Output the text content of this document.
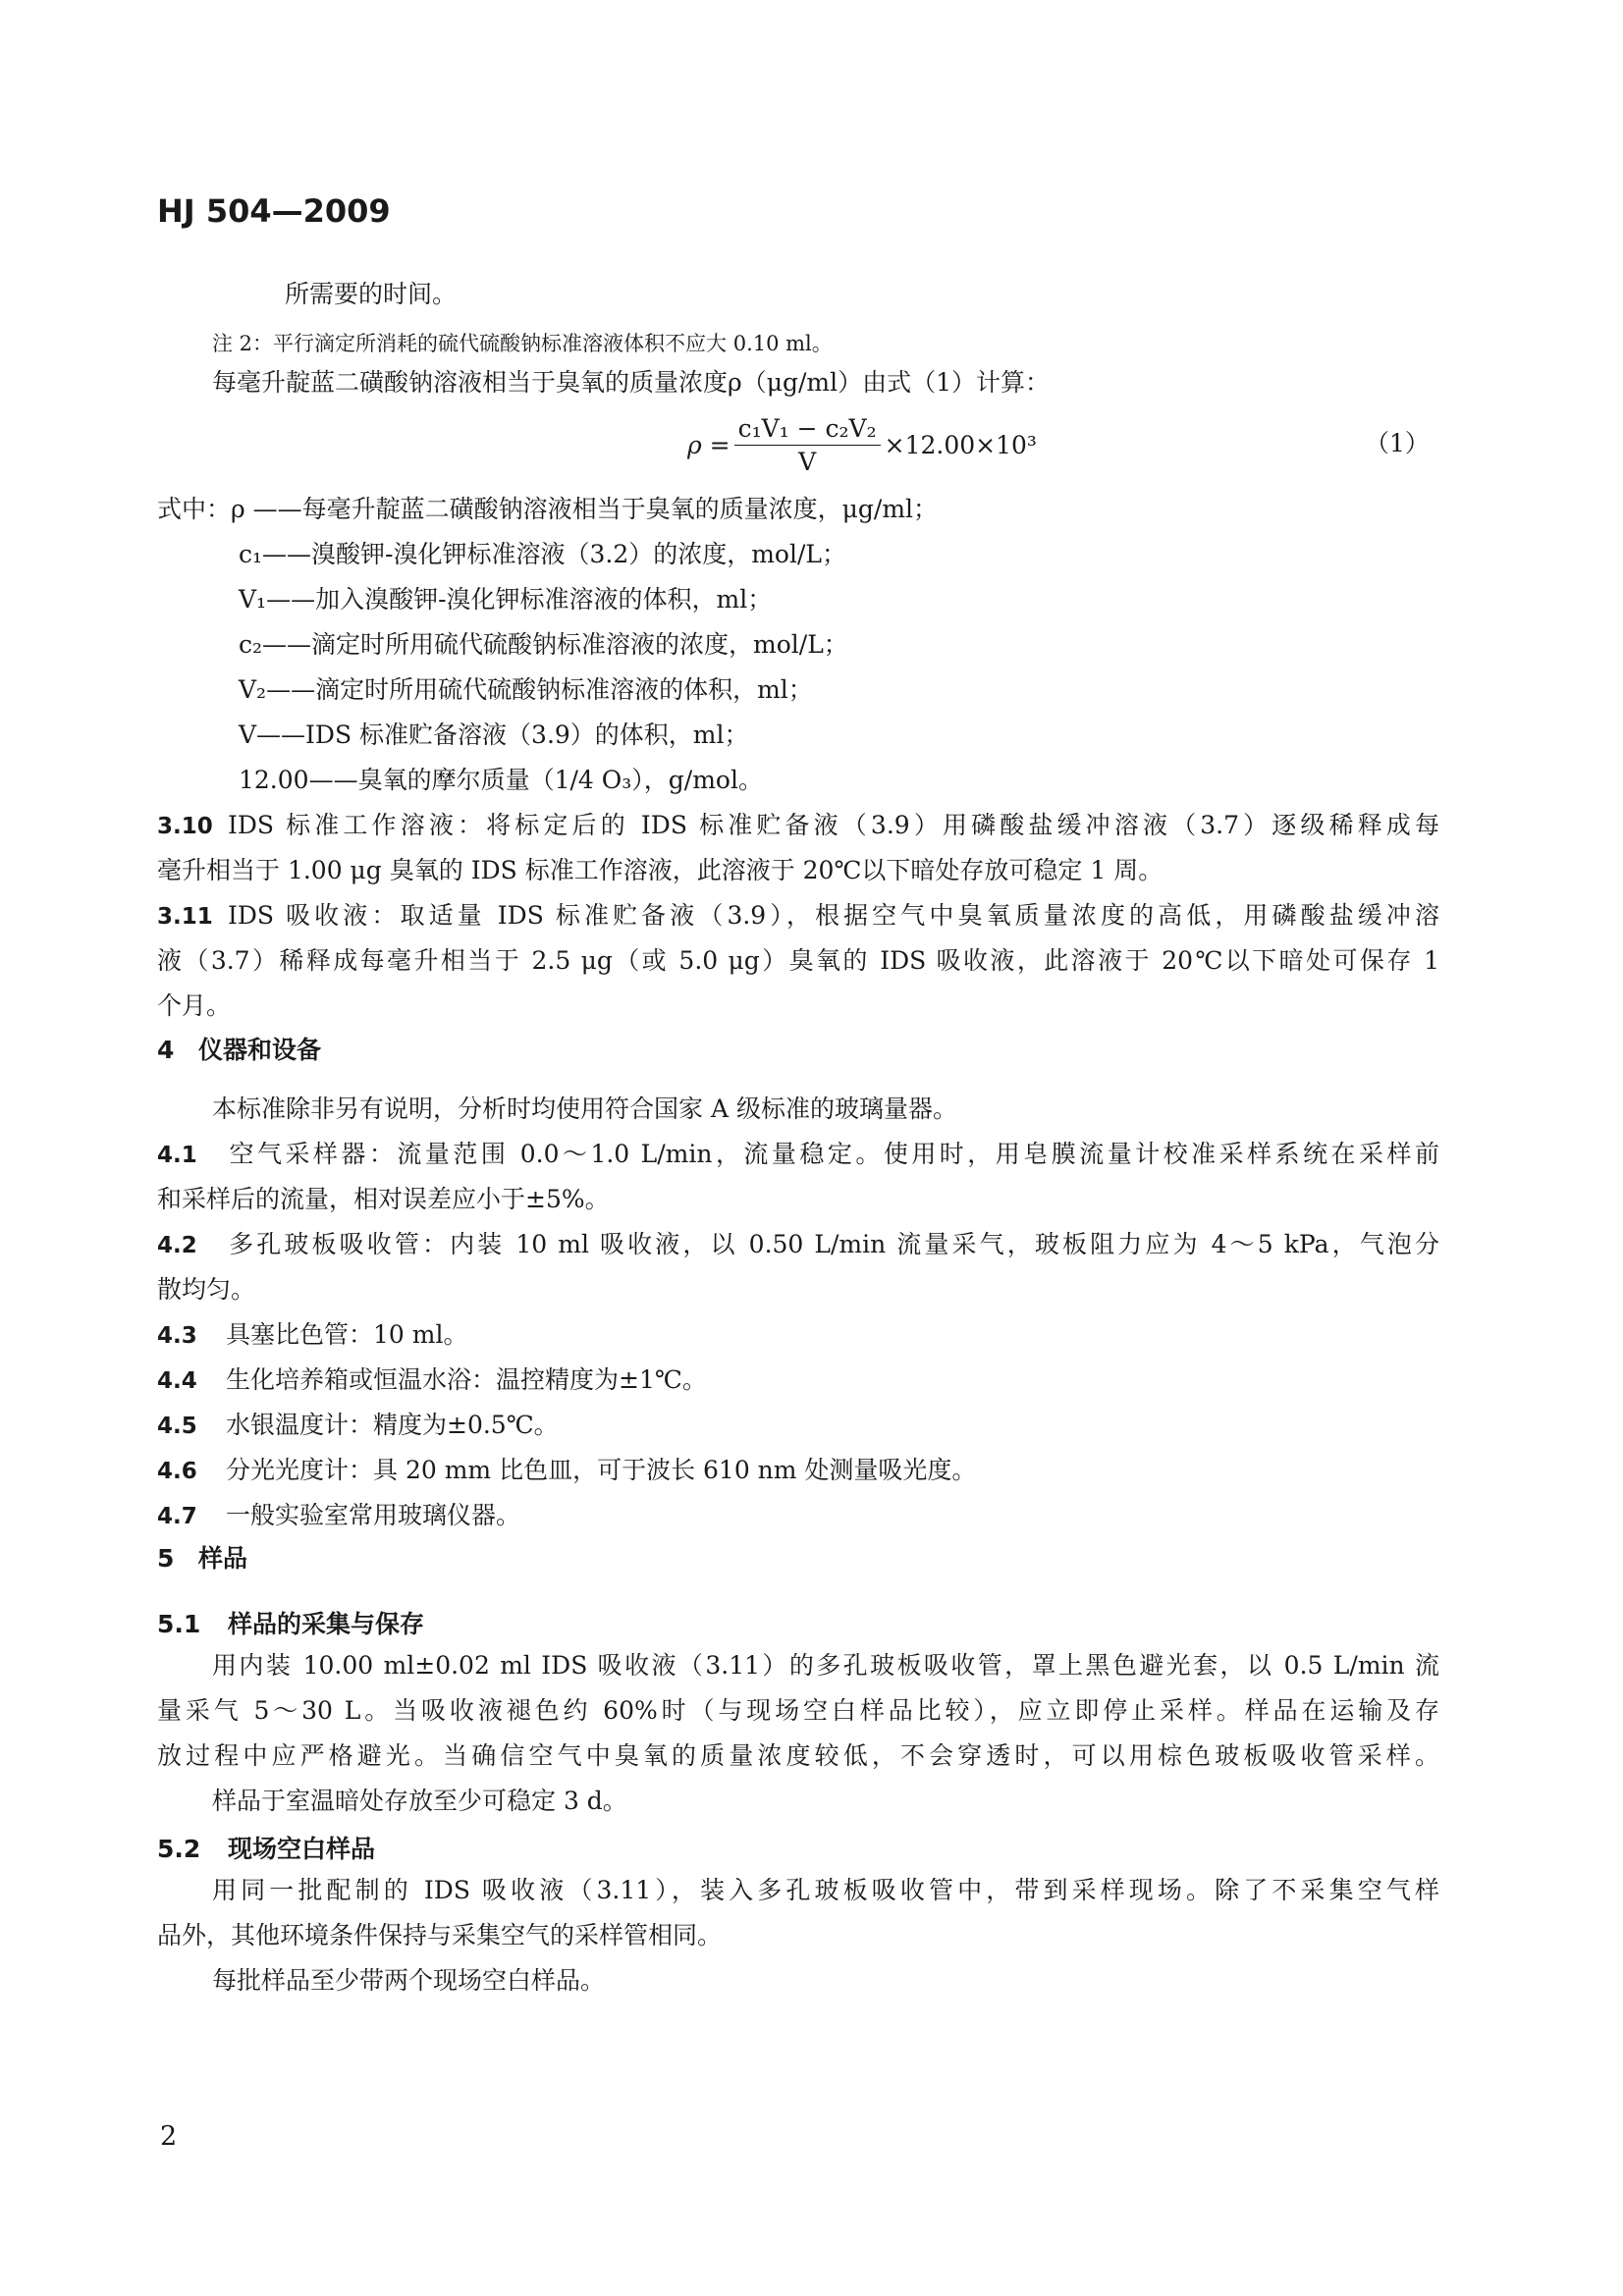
HJ 504—2009
所需要的时间。
注 2：平行滴定所消耗的硫代硫酸钠标准溶液体积不应大 0.10 ml。
每毫升靛蓝二磺酸钠溶液相当于臭氧的质量浓度ρ（μg/ml）由式（1）计算：
$\rho = \frac{\text{c₁V₁ − c₂V₂}}{V} \times 12.00\times 10^3$	（1）
式中：ρ ——每毫升靛蓝二磺酸钠溶液相当于臭氧的质量浓度，μg/ml；
c₁——溴酸钾-溴化钾标准溶液（3.2）的浓度，mol/L；
V₁——加入溴酸钾-溴化钾标准溶液的体积，ml；
c₂——滴定时所用硫代硫酸钠标准溶液的浓度，mol/L；
V₂——滴定时所用硫代硫酸钠标准溶液的体积，ml；
V——IDS 标准贮备溶液（3.9）的体积，ml；
12.00——臭氧的摩尔质量（1/4 O₃），g/mol。
3.10 IDS 标准工作溶液：将标定后的 IDS 标准贮备液（3.9）用磷酸盐缓冲溶液（3.7）逐级稀释成每
毫升相当于 1.00 μg 臭氧的 IDS 标准工作溶液，此溶液于 20℃以下暗处存放可稳定 1 周。
3.11 IDS 吸收液：取适量 IDS 标准贮备液（3.9），根据空气中臭氧质量浓度的高低，用磷酸盐缓冲溶
液（3.7）稀释成每毫升相当于 2.5 μg（或 5.0 μg）臭氧的 IDS 吸收液，此溶液于 20℃以下暗处可保存 1
个月。
4 仪器和设备
本标准除非另有说明，分析时均使用符合国家 A 级标准的玻璃量器。
4.1 空气采样器：流量范围 0.0～1.0 L/min，流量稳定。使用时，用皂膜流量计校准采样系统在采样前
和采样后的流量，相对误差应小于±5%。
4.2 多孔玻板吸收管：内装 10 ml 吸收液，以 0.50 L/min 流量采气，玻板阻力应为 4～5 kPa，气泡分
散均匀。
4.3 具塞比色管：10 ml。
4.4 生化培养箱或恒温水浴：温控精度为±1℃。
4.5 水银温度计：精度为±0.5℃。
4.6 分光光度计：具 20 mm 比色皿，可于波长 610 nm 处测量吸光度。
4.7 一般实验室常用玻璃仪器。
5 样品
5.1 样品的采集与保存
用内装 10.00 ml±0.02 ml IDS 吸收液（3.11）的多孔玻板吸收管，罩上黑色避光套，以 0.5 L/min 流
量采气 5～30 L。当吸收液褪色约 60%时（与现场空白样品比较），应立即停止采样。样品在运输及存
放过程中应严格避光。当确信空气中臭氧的质量浓度较低，不会穿透时，可以用棕色玻板吸收管采样。
样品于室温暗处存放至少可稳定 3 d。
5.2 现场空白样品
用同一批配制的 IDS 吸收液（3.11），装入多孔玻板吸收管中，带到采样现场。除了不采集空气样
品外，其他环境条件保持与采集空气的采样管相同。
每批样品至少带两个现场空白样品。
2
